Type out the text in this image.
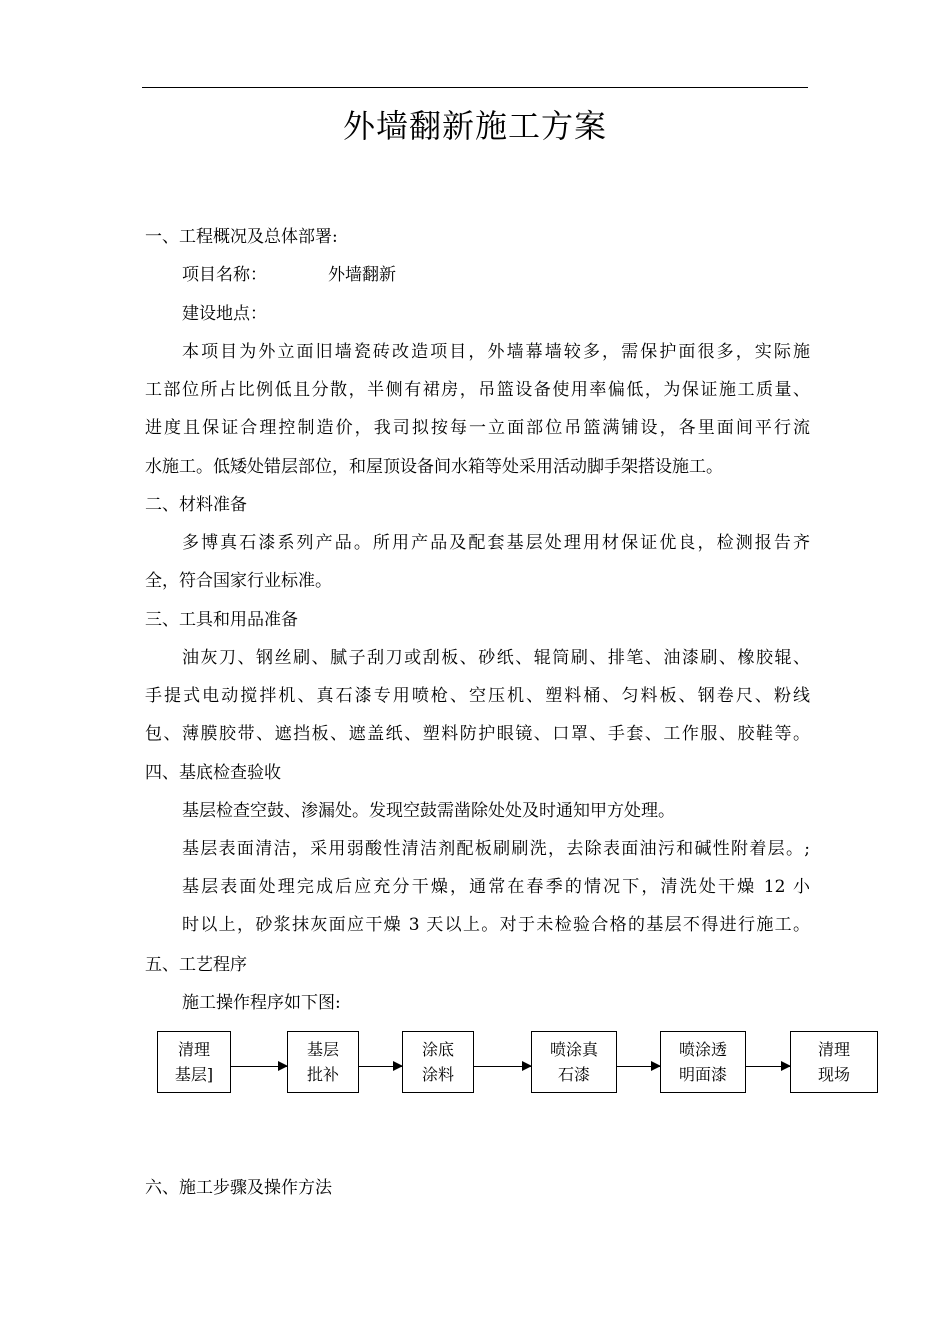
外墙翻新施工方案
一、工程概况及总体部署:
项目名称：	外墙翻新
建设地点：
本项目为外立面旧墙瓷砖改造项目，外墙幕墙较多，需保护面很多，实际施
工部位所占比例低且分散，半侧有裙房，吊篮设备使用率偏低，为保证施工质量、
进度且保证合理控制造价，我司拟按每一立面部位吊篮满铺设，各里面间平行流
水施工。低矮处错层部位，和屋顶设备间水箱等处采用活动脚手架搭设施工。
二、材料准备
多博真石漆系列产品。所用产品及配套基层处理用材保证优良，检测报告齐
全，符合国家行业标准。
三、工具和用品准备
油灰刀、钢丝刷、腻子刮刀或刮板、砂纸、辊筒刷、排笔、油漆刷、橡胶辊、
手提式电动搅拌机、真石漆专用喷枪、空压机、塑料桶、匀料板、钢卷尺、粉线
包、薄膜胶带、遮挡板、遮盖纸、塑料防护眼镜、口罩、手套、工作服、胶鞋等。
四、基底检查验收
基层检查空鼓、渗漏处。发现空鼓需凿除处处及时通知甲方处理。
基层表面清洁，采用弱酸性清洁剂配板刷刷洗，去除表面油污和碱性附着层。;
基层表面处理完成后应充分干燥，通常在春季的情况下，清洗处干燥 12 小
时以上，砂浆抹灰面应干燥 3 天以上。对于未检验合格的基层不得进行施工。
五、工艺程序
施工操作程序如下图:
清理
基层]
基层
批补
涂底
涂料
喷涂真
石漆
喷涂透
明面漆
清理
现场
六、施工步骤及操作方法
